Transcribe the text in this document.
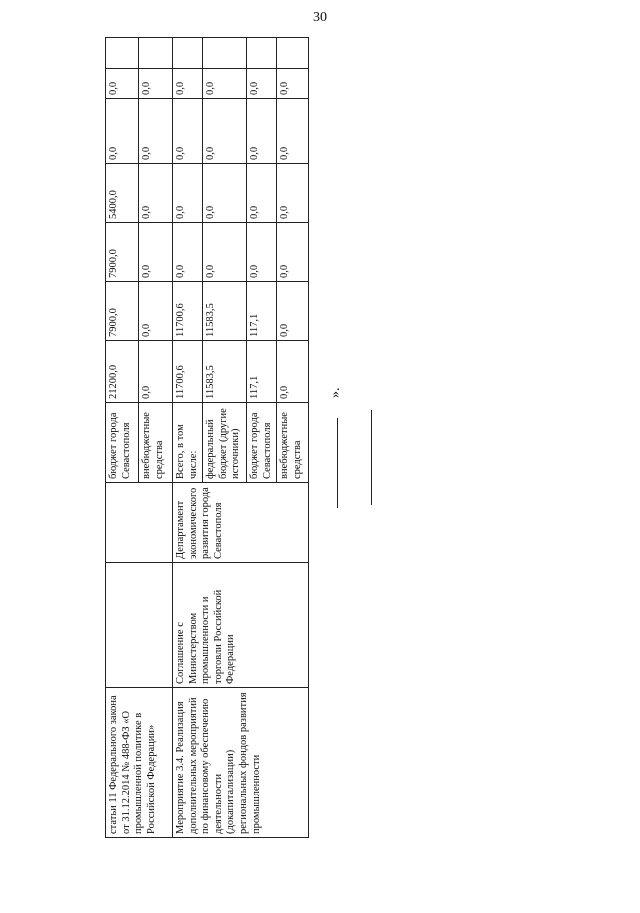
30
статьи 11 Федерального закона от 31.12.2014 № 488-ФЗ «О промышленной политике в Российской Федерации»			бюджет города Севастополя	21200,0	7900,0	7900,0	5400,0	0,0	0,0	
			внебюджетные средства	0,0	0,0	0,0	0,0	0,0	0,0	
Мероприятие 3.4. Реализация дополнительных мероприятий по финансовому обеспечению деятельности (докапитализации) региональных фондов развития промышленности	Соглашение с Министерством промышленности и торговли Российской Федерации	Департамент экономического развития города Севастополя	Всего, в том числе:	11700,6	11700,6	0,0	0,0	0,0	0,0	
			федеральный бюджет (другие источники)	11583,5	11583,5	0,0	0,0	0,0	0,0	
			бюджет города Севастополя	117,1	117,1	0,0	0,0	0,0	0,0	
			внебюджетные средства	0,0	0,0	0,0	0,0	0,0	0,0	
».
